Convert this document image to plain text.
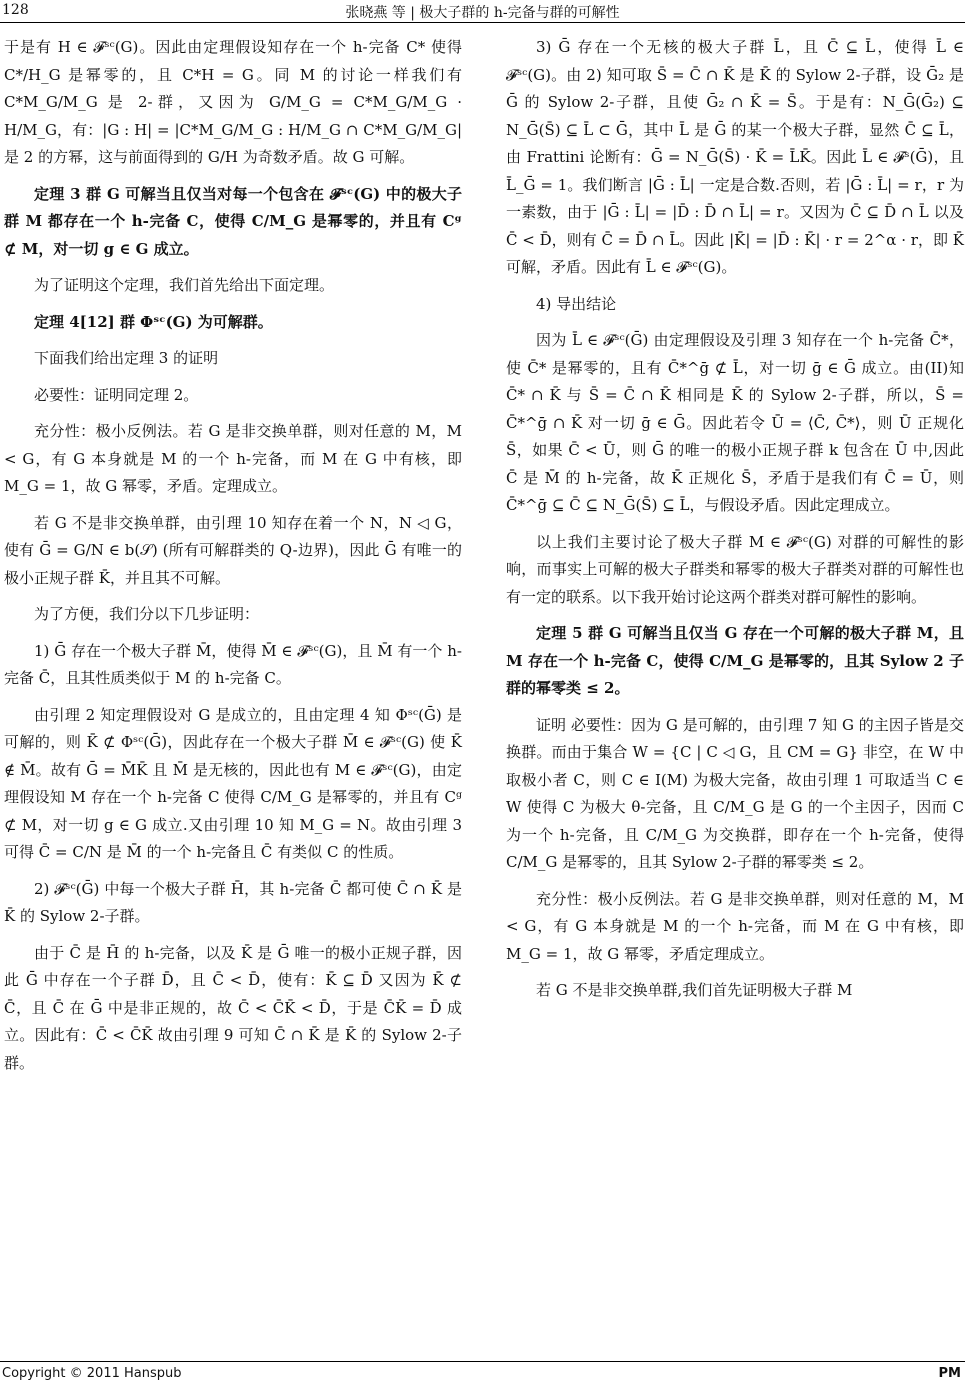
128	张晓燕 等 | 极大子群的 h-完备与群的可解性

于是有 H ∈ 𝓕ˢᶜ(G)。因此由定理假设知存在一个 h-完备 C* 使得 C*/H_G 是幂零的，且 C*H = G。同 M 的讨论一样我们有 C*M_G/M_G 是 2-群，又因为 G/M_G = C*M_G/M_G · H/M_G，有：|G : H| = |C*M_G/M_G : H/M_G ∩ C*M_G/M_G| 是 2 的方幂，这与前面得到的 G/H 为奇数矛盾。故 G 可解。

定理 3 群 G 可解当且仅当对每一个包含在 𝓕ˢᶜ(G) 中的极大子群 M 都存在一个 h-完备 C，使得 C/M_G 是幂零的，并且有 Cᵍ ⊄ M，对一切 g ∈ G 成立。

为了证明这个定理，我们首先给出下面定理。

定理 4[12] 群 Φˢᶜ(G) 为可解群。

下面我们给出定理 3 的证明

必要性：证明同定理 2。

充分性：极小反例法。若 G 是非交换单群，则对任意的 M，M < G，有 G 本身就是 M 的一个 h-完备，而 M 在 G 中有核，即 M_G = 1，故 G 幂零，矛盾。定理成立。

若 G 不是非交换单群，由引理 10 知存在着一个 N，N ◁ G，使有 Ḡ = G/N ∈ b(𝒮) (所有可解群类的 Q-边界)，因此 Ḡ 有唯一的极小正规子群 K̄，并且其不可解。

为了方便，我们分以下几步证明：

1) Ḡ 存在一个极大子群 M̄，使得 M̄ ∈ 𝓕ˢᶜ(G)，且 M̄ 有一个 h-完备 C̄，且其性质类似于 M 的 h-完备 C。

由引理 2 知定理假设对 G 是成立的，且由定理 4 知 Φˢᶜ(Ḡ) 是可解的，则 K̄ ⊄ Φˢᶜ(Ḡ)，因此存在一个极大子群 M̄ ∈ 𝓕ˢᶜ(G) 使 K̄ ∉ M̄。故有 Ḡ = M̄K̄ 且 M̄ 是无核的，因此也有 M ∈ 𝓕ˢᶜ(G)，由定理假设知 M 存在一个 h-完备 C 使得 C/M_G 是幂零的，并且有 Cᵍ ⊄ M，对一切 g ∈ G 成立.又由引理 10 知 M_G = N。故由引理 3 可得 C̄ = C/N 是 M̄ 的一个 h-完备且 C̄ 有类似 C 的性质。

2) 𝓕ˢᶜ(Ḡ) 中每一个极大子群 H̄，其 h-完备 C̄ 都可使 C̄ ∩ K̄ 是 K̄ 的 Sylow 2-子群。

由于 C̄ 是 H̄ 的 h-完备，以及 K̄ 是 Ḡ 唯一的极小正规子群，因此 Ḡ 中存在一个子群 D̄，且 C̄ < D̄，使有：K̄ ⊆ D̄ 又因为 K̄ ⊄ C̄，且 C̄ 在 Ḡ 中是非正规的，故 C̄ < C̄K̄ < D̄，于是 C̄K̄ = D̄ 成立。因此有：C̄ < C̄K̄ 故由引理 9 可知 C̄ ∩ K̄ 是 K̄ 的 Sylow 2-子群。

3) Ḡ 存在一个无核的极大子群 L̄，且 C̄ ⊆ L̄，使得 L̄ ∈ 𝓕ˢᶜ(G)。由 2) 知可取 S̄ = C̄ ∩ K̄ 是 K̄ 的 Sylow 2-子群，设 Ḡ₂ 是 Ḡ 的 Sylow 2-子群，且使 Ḡ₂ ∩ K̄ = S̄。于是有：N_Ḡ(Ḡ₂) ⊆ N_Ḡ(S̄) ⊆ L̄ ⊂ Ḡ，其中 L̄ 是 Ḡ 的某一个极大子群，显然 C̄ ⊆ L̄，由 Frattini 论断有：Ḡ = N_Ḡ(S̄) · K̄ = L̄K̄。因此 L̄ ∈ 𝓕ˢ(Ḡ)，且 L̄_Ḡ = 1。我们断言 |Ḡ : L̄| 一定是合数.否则，若 |Ḡ : L̄| = r，r 为一素数，由于 |Ḡ : L̄| = |D̄ : D̄ ∩ L̄| = r。又因为 C̄ ⊆ D̄ ∩ L̄ 以及 C̄ < D̄，则有 C̄ = D̄ ∩ L̄。因此 |K̄| = |D̄ : K̄| · r = 2^α · r，即 K̄ 可解，矛盾。因此有 L̄ ∈ 𝓕ˢᶜ(G)。

4) 导出结论

因为 L̄ ∈ 𝓕ˢᶜ(Ḡ) 由定理假设及引理 3 知存在一个 h-完备 C̄*，使 C̄* 是幂零的，且有 C̄*^ḡ ⊄ L̄，对一切 ḡ ∈ Ḡ 成立。由(II)知 C̄* ∩ K̄ 与 S̄ = C̄ ∩ K̄ 相同是 K̄ 的 Sylow 2-子群，所以，S̄ = C̄*^ḡ ∩ K̄ 对一切 ḡ ∈ Ḡ。因此若令 Ū = ⟨C̄, C̄*⟩，则 Ū 正规化 S̄，如果 C̄ < Ū，则 Ḡ 的唯一的极小正规子群 k 包含在 Ū 中,因此 C̄ 是 M̄ 的 h-完备，故 K̄ 正规化 S̄，矛盾于是我们有 C̄ = Ū，则 C̄*^ḡ ⊆ C̄ ⊆ N_Ḡ(S̄) ⊆ L̄，与假设矛盾。因此定理成立。

以上我们主要讨论了极大子群 M ∈ 𝓕ˢᶜ(G) 对群的可解性的影响，而事实上可解的极大子群类和幂零的极大子群类对群的可解性也有一定的联系。以下我开始讨论这两个群类对群可解性的影响。

定理 5 群 G 可解当且仅当 G 存在一个可解的极大子群 M，且 M 存在一个 h-完备 C，使得 C/M_G 是幂零的，且其 Sylow 2 子群的幂零类 ≤ 2。

证明 必要性：因为 G 是可解的，由引理 7 知 G 的主因子皆是交换群。而由于集合 W = {C | C ◁ G，且 CM = G} 非空，在 W 中取极小者 C，则 C ∈ I(M) 为极大完备，故由引理 1 可取适当 C ∈ W 使得 C 为极大 θ-完备，且 C/M_G 是 G 的一个主因子，因而 C 为一个 h-完备，且 C/M_G 为交换群，即存在一个 h-完备，使得 C/M_G 是幂零的，且其 Sylow 2-子群的幂零类 ≤ 2。

充分性：极小反例法。若 G 是非交换单群，则对任意的 M，M < G，有 G 本身就是 M 的一个 h-完备，而 M 在 G 中有核，即 M_G = 1，故 G 幂零，矛盾定理成立。

若 G 不是非交换单群,我们首先证明极大子群 M

Copyright © 2011 Hanspub	PM
